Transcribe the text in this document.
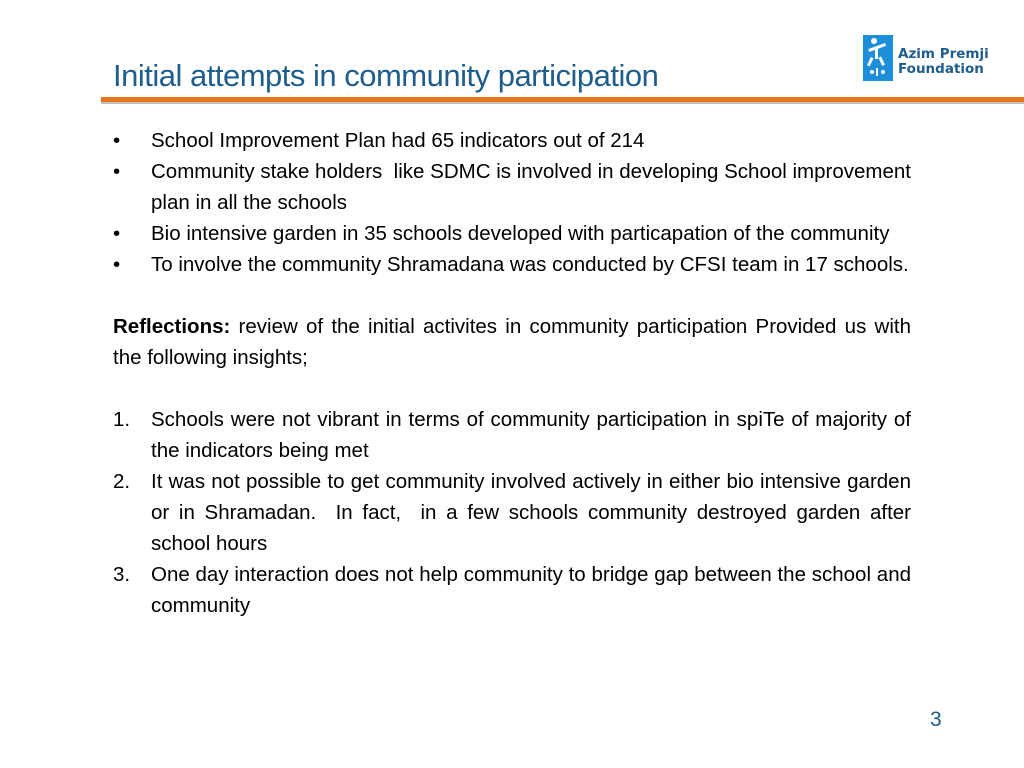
Initial attempts in community participation
Azim Premji
Foundation
•	School Improvement Plan had 65 indicators out of 214
•	Community stake holders  like SDMC is involved in developing School improvement plan in all the schools
•	Bio intensive garden in 35 schools developed with particapation of the community
•	To involve the community Shramadana was conducted by CFSI team in 17 schools.
Reflections: review of the initial activites in community participation Provided us with the following insights;
1.	Schools were not vibrant in terms of community participation in spiTe of majority of the indicators being met
2.	It was not possible to get community involved actively in either bio intensive garden or in Shramadan.  In fact,  in a few schools community destroyed garden after school hours
3.	One day interaction does not help community to bridge gap between the school and community
3
